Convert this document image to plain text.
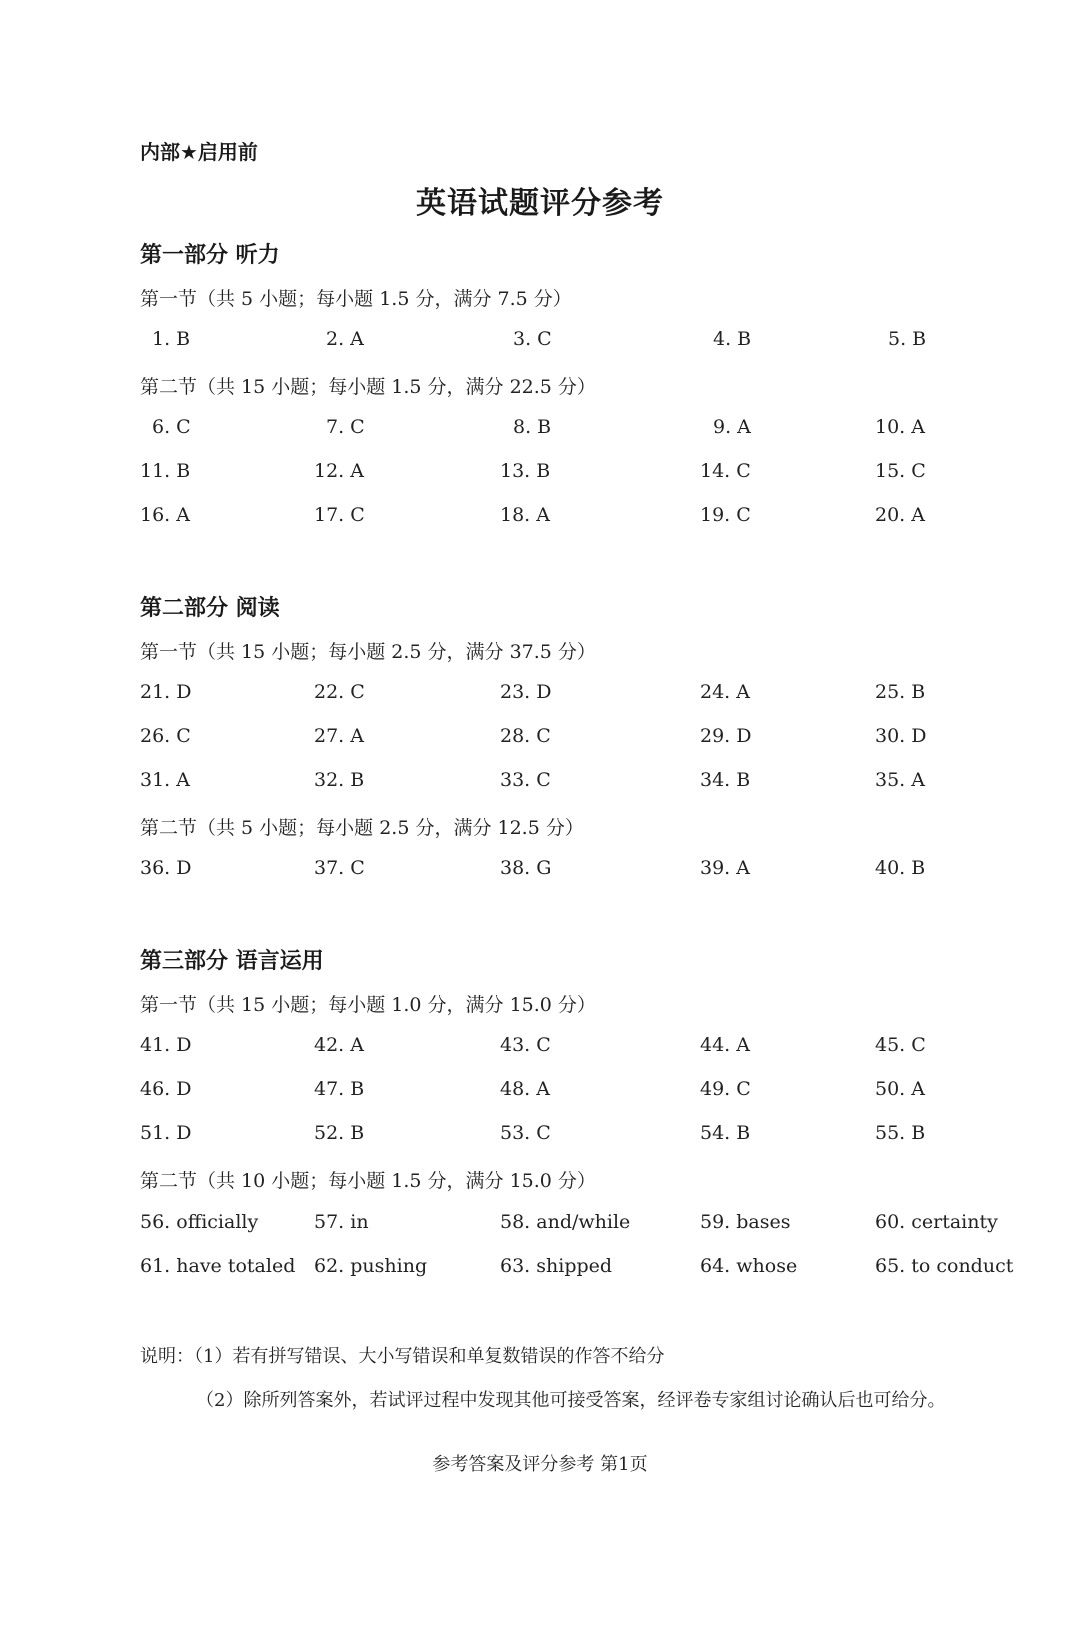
内部★启用前
英语试题评分参考
第一部分 听力
第一节（共 5 小题；每小题 1.5 分，满分 7.5 分）
1. B	2. A	3. C	4. B	5. B
第二节（共 15 小题；每小题 1.5 分，满分 22.5 分）
6. C	7. C	8. B	9. A	10. A
11. B	12. A	13. B	14. C	15. C
16. A	17. C	18. A	19. C	20. A
第二部分 阅读
第一节（共 15 小题；每小题 2.5 分，满分 37.5 分）
21. D	22. C	23. D	24. A	25. B
26. C	27. A	28. C	29. D	30. D
31. A	32. B	33. C	34. B	35. A
第二节（共 5 小题；每小题 2.5 分，满分 12.5 分）
36. D	37. C	38. G	39. A	40. B
第三部分 语言运用
第一节（共 15 小题；每小题 1.0 分，满分 15.0 分）
41. D	42. A	43. C	44. A	45. C
46. D	47. B	48. A	49. C	50. A
51. D	52. B	53. C	54. B	55. B
第二节（共 10 小题；每小题 1.5 分，满分 15.0 分）
56. officially	57. in	58. and/while	59. bases	60. certainty
61. have totaled 62. pushing	63. shipped	64. whose	65. to conduct
说明：（1）若有拼写错误、大小写错误和单复数错误的作答不给分
（2）除所列答案外，若试评过程中发现其他可接受答案，经评卷专家组讨论确认后也可给分。
参考答案及评分参考 第1页
